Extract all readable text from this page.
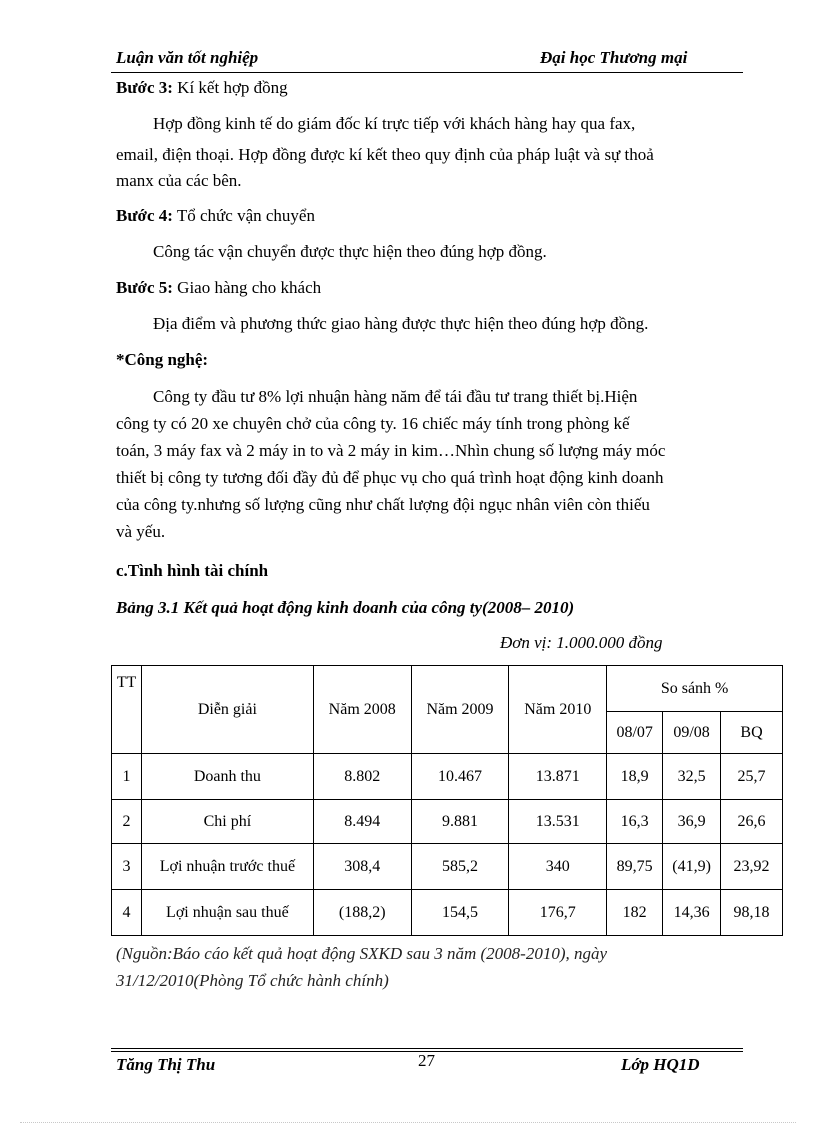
Luận văn tốt nghiệp	Đại học Thương mại
Bước 3: Kí kết hợp đồng
Hợp đồng kinh tế do giám đốc kí trực tiếp với khách hàng hay qua fax,
email, điện thoại. Hợp đồng được kí kết theo quy định của pháp luật và sự thoả
manx của các bên.
Bước 4: Tổ chức vận chuyển
Công tác vận chuyển được thực hiện theo đúng hợp đồng.
Bước 5: Giao hàng cho khách
Địa điểm và phương thức giao hàng được thực hiện theo đúng hợp đồng.
*Công nghệ:
Công ty đầu tư 8% lợi nhuận hàng năm để tái đầu tư trang thiết bị.Hiện
công ty có 20 xe chuyên chở của công ty. 16 chiếc máy tính trong phòng kế
toán, 3 máy fax và 2 máy in to và 2 máy in kim…Nhìn chung số lượng máy móc
thiết bị công ty tương đối đầy đủ để phục vụ cho quá trình hoạt động kinh doanh
của công ty.nhưng số lượng cũng như chất lượng đội ngục nhân viên còn thiếu
và yếu.
c.Tình hình tài chính
Bảng 3.1 Kết quả hoạt động kinh doanh của công ty(2008– 2010)
Đơn vị: 1.000.000 đồng
TT	Diễn giải	Năm 2008	Năm 2009	Năm 2010	So sánh %		
					08/07	09/08	BQ
1	Doanh thu	8.802	10.467	13.871	18,9	32,5	25,7
2	Chi phí	8.494	9.881	13.531	16,3	36,9	26,6
3	Lợi nhuận trước thuế	308,4	585,2	340	89,75	(41,9)	23,92
4	Lợi nhuận sau thuế	(188,2)	154,5	176,7	182	14,36	98,18
(Nguồn:Báo cáo kết quả hoạt động SXKD sau 3 năm (2008-2010), ngày
31/12/2010(Phòng Tổ chức hành chính)
Tăng Thị Thu	27	Lớp HQ1D
